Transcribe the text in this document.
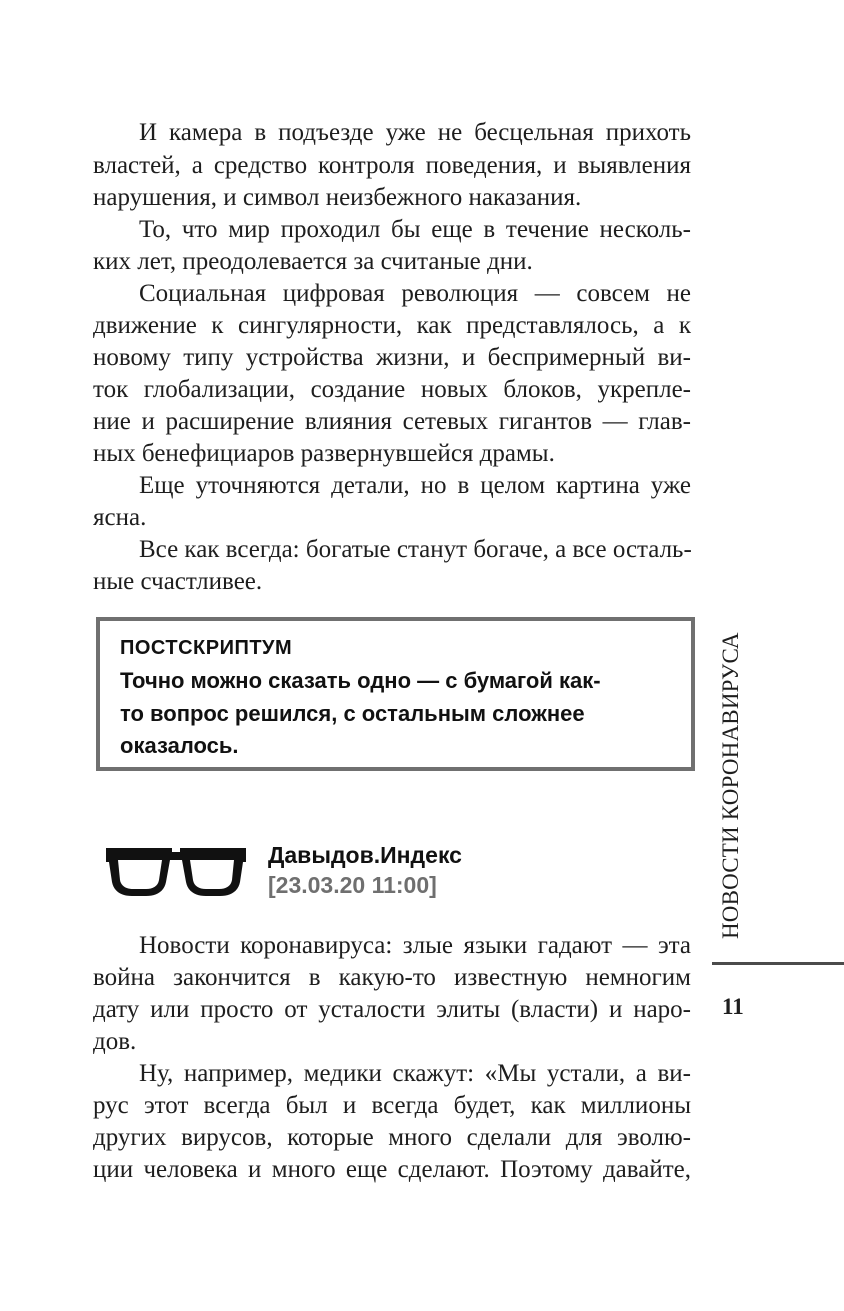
И камера в подъезде уже не бесцельная прихоть
властей, а средство контроля поведения, и выявления
нарушения, и символ неизбежного наказания.
То, что мир проходил бы еще в течение несколь-
ких лет, преодолевается за считаные дни.
Социальная цифровая революция — совсем не
движение к сингулярности, как представлялось, а к
новому типу устройства жизни, и беспримерный ви-
ток глобализации, создание новых блоков, укрепле-
ние и расширение влияния сетевых гигантов — глав-
ных бенефициаров развернувшейся драмы.
Еще уточняются детали, но в целом картина уже
ясна.
Все как всегда: богатые станут богаче, а все осталь-
ные счастливее.
ПОСТСКРИПТУМ
Точно можно сказать одно — с бумагой как-
то вопрос решился, с остальным сложнее
оказалось.
Давыдов.Индекс
[23.03.20 11:00]
Новости коронавируса: злые языки гадают — эта
война закончится в какую-то известную немногим
дату или просто от усталости элиты (власти) и наро-
дов.
Ну, например, медики скажут: «Мы устали, а ви-
рус этот всегда был и всегда будет, как миллионы
других вирусов, которые много сделали для эволю-
ции человека и много еще сделают. Поэтому давайте,
НОВОСТИ КОРОНАВИРУСА
11
